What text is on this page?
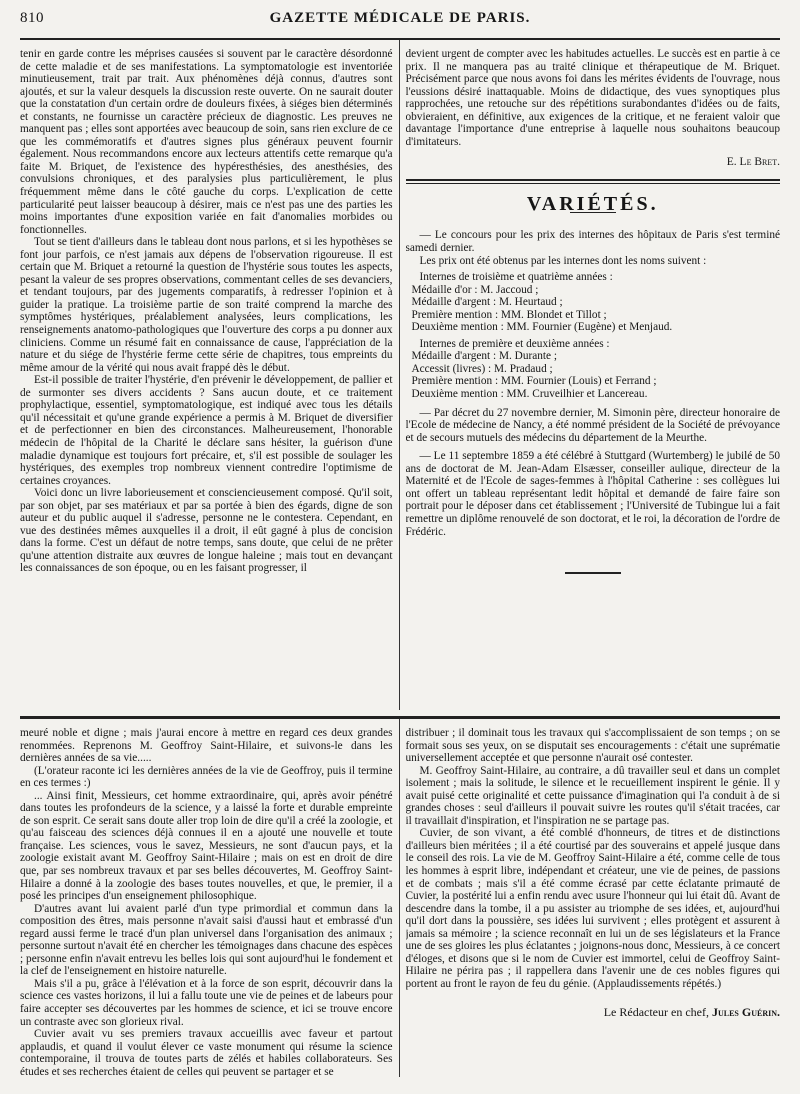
810	GAZETTE MÉDICALE DE PARIS.

tenir en garde contre les méprises causées si souvent par le caractère désordonné de cette maladie et de ses manifestations. La symptomatologie est inventoriée minutieusement, trait par trait. Aux phénomènes déjà connus, d'autres sont ajoutés, et sur la valeur desquels la discussion reste ouverte. On ne saurait douter que la constatation d'un certain ordre de douleurs fixées, à siéges bien déterminés et constants, ne fournisse un caractère précieux de diagnostic. Les preuves ne manquent pas ; elles sont apportées avec beaucoup de soin, sans rien exclure de ce que les commémoratifs et d'autres signes plus généraux peuvent fournir également. Nous recommandons encore aux lecteurs attentifs cette remarque qu'a faite M. Briquet, de l'existence des hypéresthésies, des anesthésies, des convulsions chroniques, et des paralysies plus particulièrement, le plus fréquemment même dans le côté gauche du corps. L'explication de cette particularité peut laisser beaucoup à désirer, mais ce n'est pas une des parties les moins importantes d'une exposition variée en fait d'anomalies morbides ou fonctionnelles.

Tout se tient d'ailleurs dans le tableau dont nous parlons, et si les hypothèses se font jour parfois, ce n'est jamais aux dépens de l'observation rigoureuse. Il est certain que M. Briquet a retourné la question de l'hystérie sous toutes les aspects, pesant la valeur de ses propres observations, commentant celles de ses devanciers, et tendant toujours, par des jugements comparatifs, à redresser l'opinion et à guider la pratique. La troisième partie de son traité comprend la marche des symptômes hystériques, préalablement analysées, leurs complications, les renseignements anatomo-pathologiques que l'ouverture des corps a pu donner aux cliniciens. Comme un résumé fait en connaissance de cause, l'appréciation de la nature et du siége de l'hystérie ferme cette série de chapitres, tous empreints du même amour de la vérité qui nous avait frappé dès le début.

Est-il possible de traiter l'hystérie, d'en prévenir le développement, de pallier et de surmonter ses divers accidents ? Sans aucun doute, et ce traitement prophylactique, essentiel, symptomatologique, est indiqué avec tous les détails qu'il nécessitait et qu'une grande expérience a permis à M. Briquet de diversifier et de perfectionner en bien des circonstances. Malheureusement, l'honorable médecin de l'hôpital de la Charité le déclare sans hésiter, la guérison d'une maladie dynamique est toujours fort précaire, et, s'il est possible de soulager les hystériques, des exemples trop nombreux viennent contredire l'optimisme de certaines croyances.

Voici donc un livre laborieusement et consciencieusement composé. Qu'il soit, par son objet, par ses matériaux et par sa portée à bien des égards, digne de son auteur et du public auquel il s'adresse, personne ne le contestera. Cependant, en vue des destinées mêmes auxquelles il a droit, il eût gagné à plus de concision dans la forme. C'est un défaut de notre temps, sans doute, que celui de ne prêter qu'une attention distraite aux œuvres de longue haleine ; mais tout en devançant les connaissances de son époque, ou en les faisant progresser, il

devient urgent de compter avec les habitudes actuelles. Le succès est en partie à ce prix. Il ne manquera pas au traité clinique et thérapeutique de M. Briquet. Précisément parce que nous avons foi dans les mérites évidents de l'ouvrage, nous l'eussions désiré inattaquable. Moins de didactique, des vues synoptiques plus rapprochées, une retouche sur des répétitions surabondantes d'idées ou de faits, obvieraient, en définitive, aux exigences de la critique, et ne feraient valoir que davantage l'importance d'une entreprise à laquelle nous souhaitons beaucoup d'imitateurs.

E. Le Bret.
VARIÉTÉS.

— Le concours pour les prix des internes des hôpitaux de Paris s'est terminé samedi dernier.

Les prix ont été obtenus par les internes dont les noms suivent :

Internes de troisième et quatrième années :

Médaille d'or : M. Jaccoud ;
Médaille d'argent : M. Heurtaud ;
Première mention : MM. Blondet et Tillot ;
Deuxième mention : MM. Fournier (Eugène) et Menjaud.

Internes de première et deuxième années :

Médaille d'argent : M. Durante ;
Accessit (livres) : M. Pradaud ;
Première mention : MM. Fournier (Louis) et Ferrand ;
Deuxième mention : MM. Cruveilhier et Lancereau.

— Par décret du 27 novembre dernier, M. Simonin père, directeur honoraire de l'Ecole de médecine de Nancy, a été nommé président de la Société de prévoyance et de secours mutuels des médecins du département de la Meurthe.

— Le 11 septembre 1859 a été célébré à Stuttgard (Wurtemberg) le jubilé de 50 ans de doctorat de M. Jean-Adam Elsæsser, conseiller aulique, directeur de la Maternité et de l'Ecole de sages-femmes à l'hôpital Catherine : ses collègues lui ont offert un tableau représentant ledit hôpital et demandé de faire faire son portrait pour le déposer dans cet établissement ; l'Université de Tubingue lui a fait remettre un diplôme renouvelé de son doctorat, et le roi, la décoration de l'ordre de Frédéric.

meuré noble et digne ; mais j'aurai encore à mettre en regard ces deux grandes renommées. Reprenons M. Geoffroy Saint-Hilaire, et suivons-le dans les dernières années de sa vie.....

(L'orateur raconte ici les dernières années de la vie de Geoffroy, puis il termine en ces termes :)

... Ainsi finit, Messieurs, cet homme extraordinaire, qui, après avoir pénétré dans toutes les profondeurs de la science, y a laissé la forte et durable empreinte de son esprit. Ce serait sans doute aller trop loin de dire qu'il a créé la zoologie, et qu'au faisceau des sciences déjà connues il en a ajouté une nouvelle et toute française. Les sciences, vous le savez, Messieurs, ne sont d'aucun pays, et la zoologie existait avant M. Geoffroy Saint-Hilaire ; mais on est en droit de dire que, par ses nombreux travaux et par ses belles découvertes, M. Geoffroy Saint-Hilaire a donné à la zoologie des bases toutes nouvelles, et que, le premier, il a posé les principes d'un enseignement philosophique.

D'autres avant lui avaient parlé d'un type primordial et commun dans la composition des êtres, mais personne n'avait saisi d'aussi haut et embrassé d'un regard aussi ferme le tracé d'un plan universel dans l'organisation des animaux ; personne surtout n'avait été en chercher les témoignages dans chacune des espèces ; personne enfin n'avait entrevu les belles lois qui sont aujourd'hui le fondement et la clef de l'enseignement en histoire naturelle.

Mais s'il a pu, grâce à l'élévation et à la force de son esprit, découvrir dans la science ces vastes horizons, il lui a fallu toute une vie de peines et de labeurs pour faire accepter ses découvertes par les hommes de science, et ici se trouve encore un contraste avec son glorieux rival.

Cuvier avait vu ses premiers travaux accueillis avec faveur et partout applaudis, et quand il voulut élever ce vaste monument qui résume la science contemporaine, il trouva de toutes parts de zélés et habiles collaborateurs. Ses études et ses recherches étaient de celles qui peuvent se partager et se

distribuer ; il dominait tous les travaux qui s'accomplissaient de son temps ; on se formait sous ses yeux, on se disputait ses encouragements : c'était une suprématie universellement acceptée et que personne n'aurait osé contester.

M. Geoffroy Saint-Hilaire, au contraire, a dû travailler seul et dans un complet isolement ; mais la solitude, le silence et le recueillement inspirent le génie. Il y avait puisé cette originalité et cette puissance d'imagination qui l'a conduit à de si grandes choses : seul d'ailleurs il pouvait suivre les routes qu'il s'était tracées, car il travaillait d'inspiration, et l'inspiration ne se partage pas.

Cuvier, de son vivant, a été comblé d'honneurs, de titres et de distinctions d'ailleurs bien méritées ; il a été courtisé par des souverains et appelé jusque dans le conseil des rois. La vie de M. Geoffroy Saint-Hilaire a été, comme celle de tous les hommes à esprit libre, indépendant et créateur, une vie de peines, de passions et de combats ; mais s'il a été comme écrasé par cette éclatante primauté de Cuvier, la postérité lui a enfin rendu avec usure l'honneur qui lui était dû. Avant de descendre dans la tombe, il a pu assister au triomphe de ses idées, et, aujourd'hui qu'il dort dans la poussière, ses idées lui survivent ; elles protègent et assurent à jamais sa mémoire ; la science reconnaît en lui un de ses législateurs et la France une de ses gloires les plus éclatantes ; joignons-nous donc, Messieurs, à ce concert d'éloges, et disons que si le nom de Cuvier est immortel, celui de Geoffroy Saint-Hilaire ne périra pas ; il rappellera dans l'avenir une de ces nobles figures qui portent au front le rayon de feu du génie. (Applaudissements répétés.)

Le Rédacteur en chef, Jules Guérin.
